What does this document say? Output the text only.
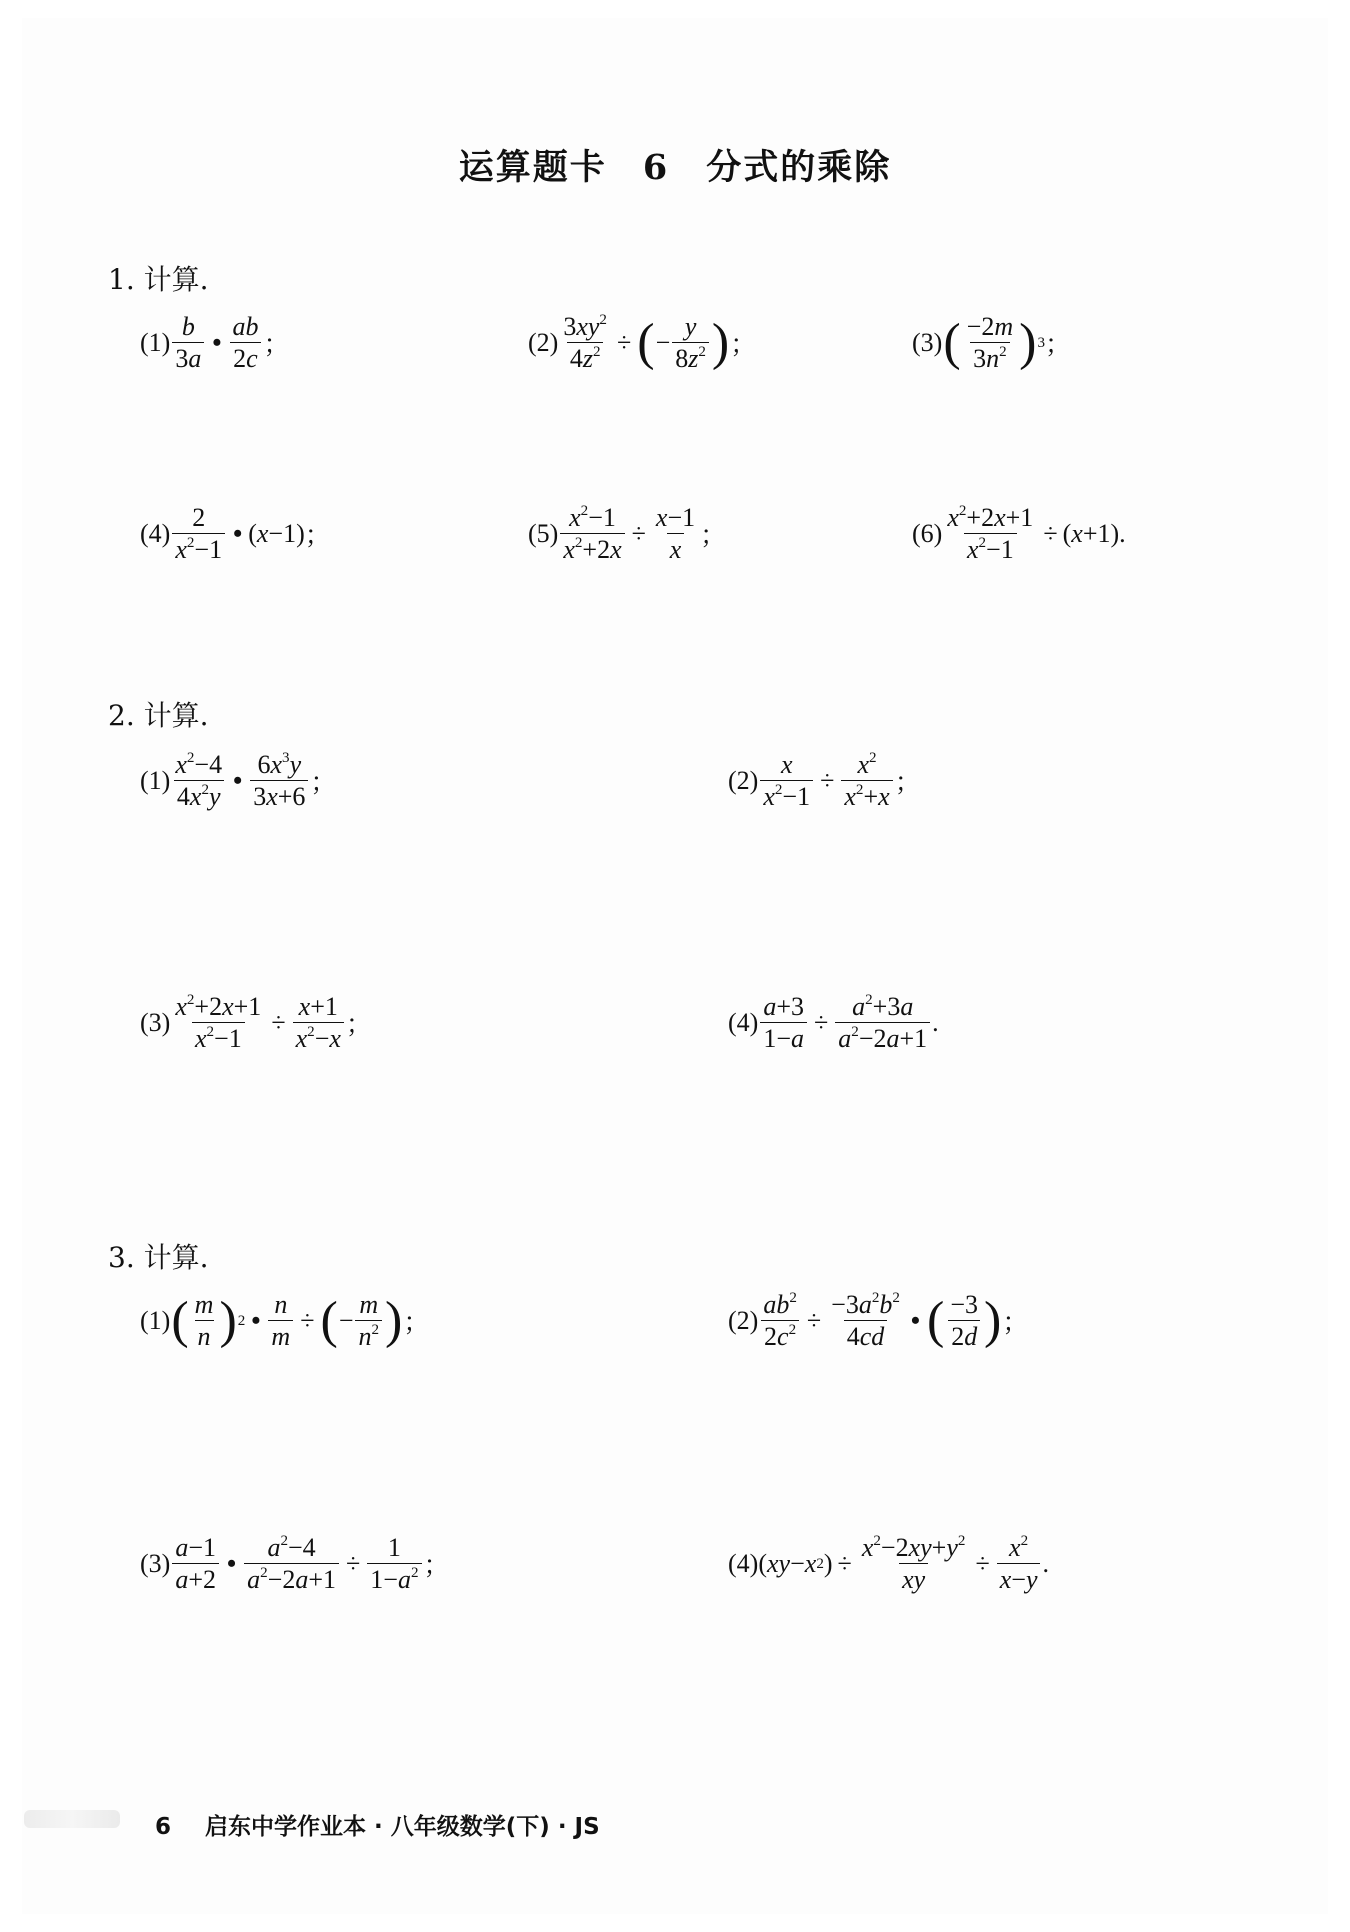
运算题卡 6　分式的乘除
1. 计算.
$(1) \frac{b}{3a}$ • $\frac{ab}{2c}$ ；	$(2) \frac{3xy^2}{4z^2}$ ÷ ( − $\frac{y}{8z^2}$ ) ；	(3) ( $\frac{-2m}{3n^2}$ ) 3 ；
$(4) \frac{2}{x^2-1}$ • ( x −1) ；	$(5) \frac{x^2-1}{x^2+2x} \div \frac{x-1}{x}$ ；	$(6) \frac{x^2+2x+1}{x^2-1}$ ÷ ( x +1) .
2. 计算.
$(1) \frac{x^2-4}{4x^2y}$ • $\frac{6x^3y}{3x+6}$ ；	$(2) \frac{x}{x^2-1} \div \frac{x^2}{x^2+x}$ ；
$(3) \frac{x^2+2x+1}{x^2-1} \div \frac{x+1}{x^2-x}$ ；	$(4) \frac{a+3}{1-a} \div \frac{a^2+3a}{a^2-2a+1}$ .
3. 计算.
(1) ( $\frac{m}{n}$ ) 2 • $\frac{n}{m}$ ÷ ( − $\frac{m}{n^2}$ ) ；	$(2) \frac{ab^2}{2c^2} \div \frac{-3a^2b^2}{4cd}$ • ( $\frac{-3}{2d}$ ) ；
$(3) \frac{a-1}{a+2}$ • $\frac{a^2-4}{a^2-2a+1} \div \frac{1}{1-a^2}$ ；	(4) ( xy − x 2 ) ÷ $\frac{x^2-2xy+y^2}{xy} \div \frac{x^2}{x-y}$ .
6 启东中学作业本 · 八年级数学(下) · JS
